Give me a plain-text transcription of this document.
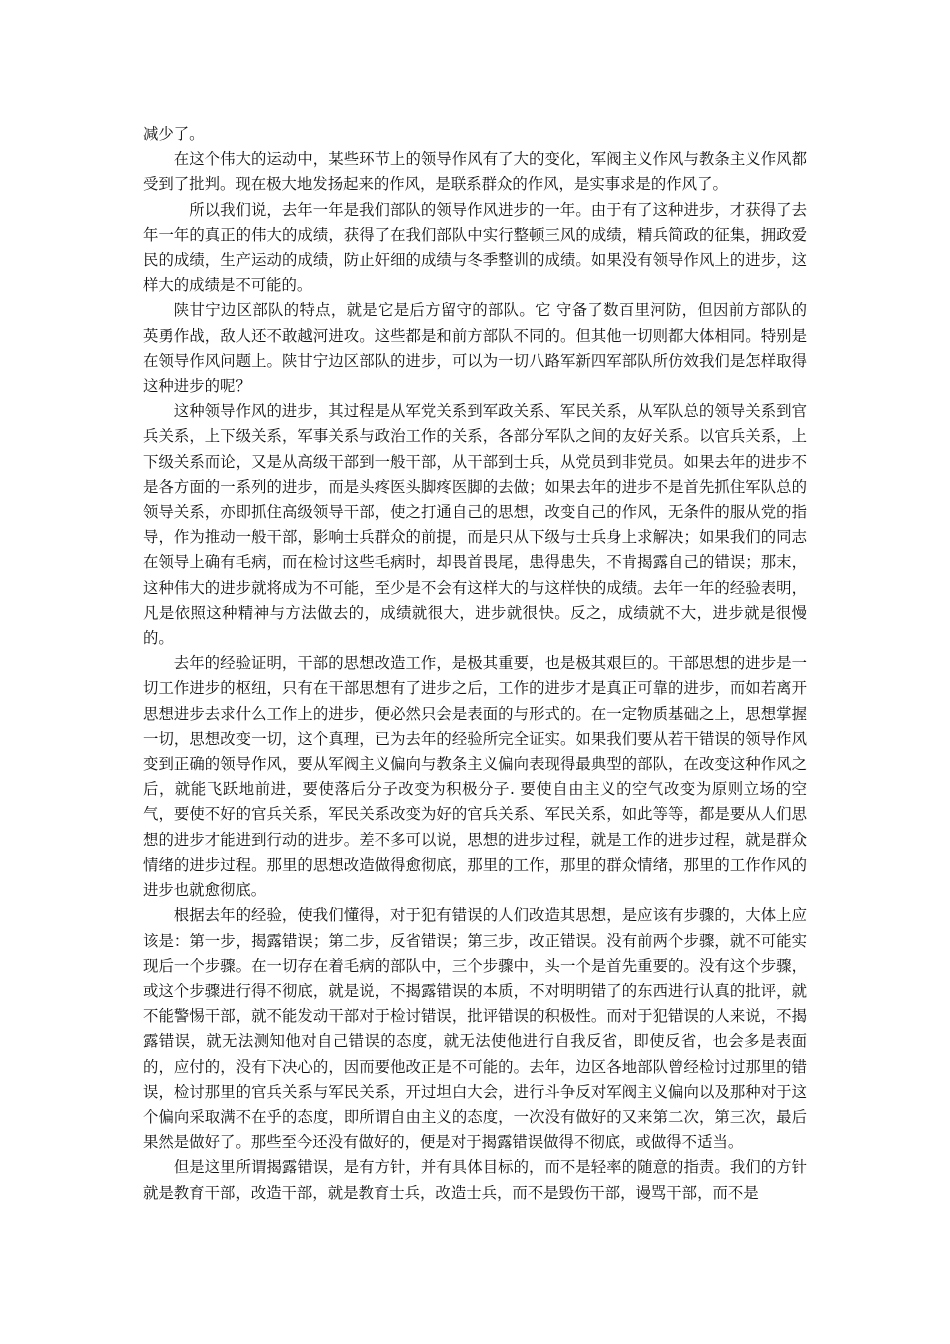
减少了。

在这个伟大的运动中，某些环节上的领导作风有了大的变化，军阀主义作风与教条主义作风都受到了批判。现在极大地发扬起来的作风，是联系群众的作风，是实事求是的作风了。

所以我们说，去年一年是我们部队的领导作风进步的一年。由于有了这种进步，才获得了去年一年的真正的伟大的成绩，获得了在我们部队中实行整顿三风的成绩，精兵简政的征集，拥政爱民的成绩，生产运动的成绩，防止奸细的成绩与冬季整训的成绩。如果没有领导作风上的进步，这样大的成绩是不可能的。

陕甘宁边区部队的特点，就是它是后方留守的部队。它 守备了数百里河防，但因前方部队的英勇作战，敌人还不敢越河进攻。这些都是和前方部队不同的。但其他一切则都大体相同。特别是在领导作风问题上。陕甘宁边区部队的进步，可以为一切八路军新四军部队所仿效我们是怎样取得这种进步的呢？

这种领导作风的进步，其过程是从军党关系到军政关系、军民关系，从军队总的领导关系到官兵关系，上下级关系，军事关系与政治工作的关系，各部分军队之间的友好关系。以官兵关系，上下级关系而论，又是从高级干部到一般干部，从干部到士兵，从党员到非党员。如果去年的进步不是各方面的一系列的进步，而是头疼医头脚疼医脚的去做；如果去年的进步不是首先抓住军队总的领导关系，亦即抓住高级领导干部，使之打通自己的思想，改变自己的作风，无条件的服从党的指导，作为推动一般干部，影响士兵群众的前提，而是只从下级与士兵身上求解决；如果我们的同志在领导上确有毛病，而在检讨这些毛病时，却畏首畏尾，患得患失，不肯揭露自己的错误；那末，这种伟大的进步就将成为不可能，至少是不会有这样大的与这样快的成绩。去年一年的经验表明，凡是依照这种精神与方法做去的，成绩就很大，进步就很快。反之，成绩就不大，进步就是很慢的。

去年的经验证明，干部的思想改造工作，是极其重要，也是极其艰巨的。干部思想的进步是一切工作进步的枢纽，只有在干部思想有了进步之后，工作的进步才是真正可靠的进步，而如若离开思想进步去求什么工作上的进步，便必然只会是表面的与形式的。在一定物质基础之上，思想掌握一切，思想改变一切，这个真理，已为去年的经验所完全证实。如果我们要从若干错误的领导作风变到正确的领导作风，要从军阀主义偏向与教条主义偏向表现得最典型的部队，在改变这种作风之后，就能飞跃地前进，要使落后分子改变为积极分子. 要使自由主义的空气改变为原则立场的空气，要使不好的官兵关系，军民关系改变为好的官兵关系、军民关系，如此等等，都是要从人们思想的进步才能进到行动的进步。差不多可以说，思想的进步过程，就是工作的进步过程，就是群众情绪的进步过程。那里的思想改造做得愈彻底，那里的工作，那里的群众情绪，那里的工作作风的进步也就愈彻底。

根据去年的经验，使我们懂得，对于犯有错误的人们改造其思想，是应该有步骤的，大体上应该是：第一步，揭露错误；第二步，反省错误；第三步，改正错误。没有前两个步骤，就不可能实现后一个步骤。在一切存在着毛病的部队中，三个步骤中，头一个是首先重要的。没有这个步骤，或这个步骤进行得不彻底，就是说，不揭露错误的本质，不对明明错了的东西进行认真的批评，就不能警惕干部，就不能发动干部对于检讨错误，批评错误的积极性。而对于犯错误的人来说，不揭露错误，就无法测知他对自己错误的态度，就无法使他进行自我反省，即使反省，也会多是表面的，应付的，没有下决心的，因而要他改正是不可能的。去年，边区各地部队曾经检讨过那里的错误，检讨那里的官兵关系与军民关系，开过坦白大会，进行斗争反对军阀主义偏向以及那种对于这个偏向采取满不在乎的态度，即所谓自由主义的态度，一次没有做好的又来第二次，第三次，最后果然是做好了。那些至今还没有做好的，便是对于揭露错误做得不彻底，或做得不适当。

但是这里所谓揭露错误，是有方针，并有具体目标的，而不是轻率的随意的指责。我们的方针就是教育干部，改造干部，就是教育士兵，改造士兵，而不是毁伤干部，谩骂干部，而不是
